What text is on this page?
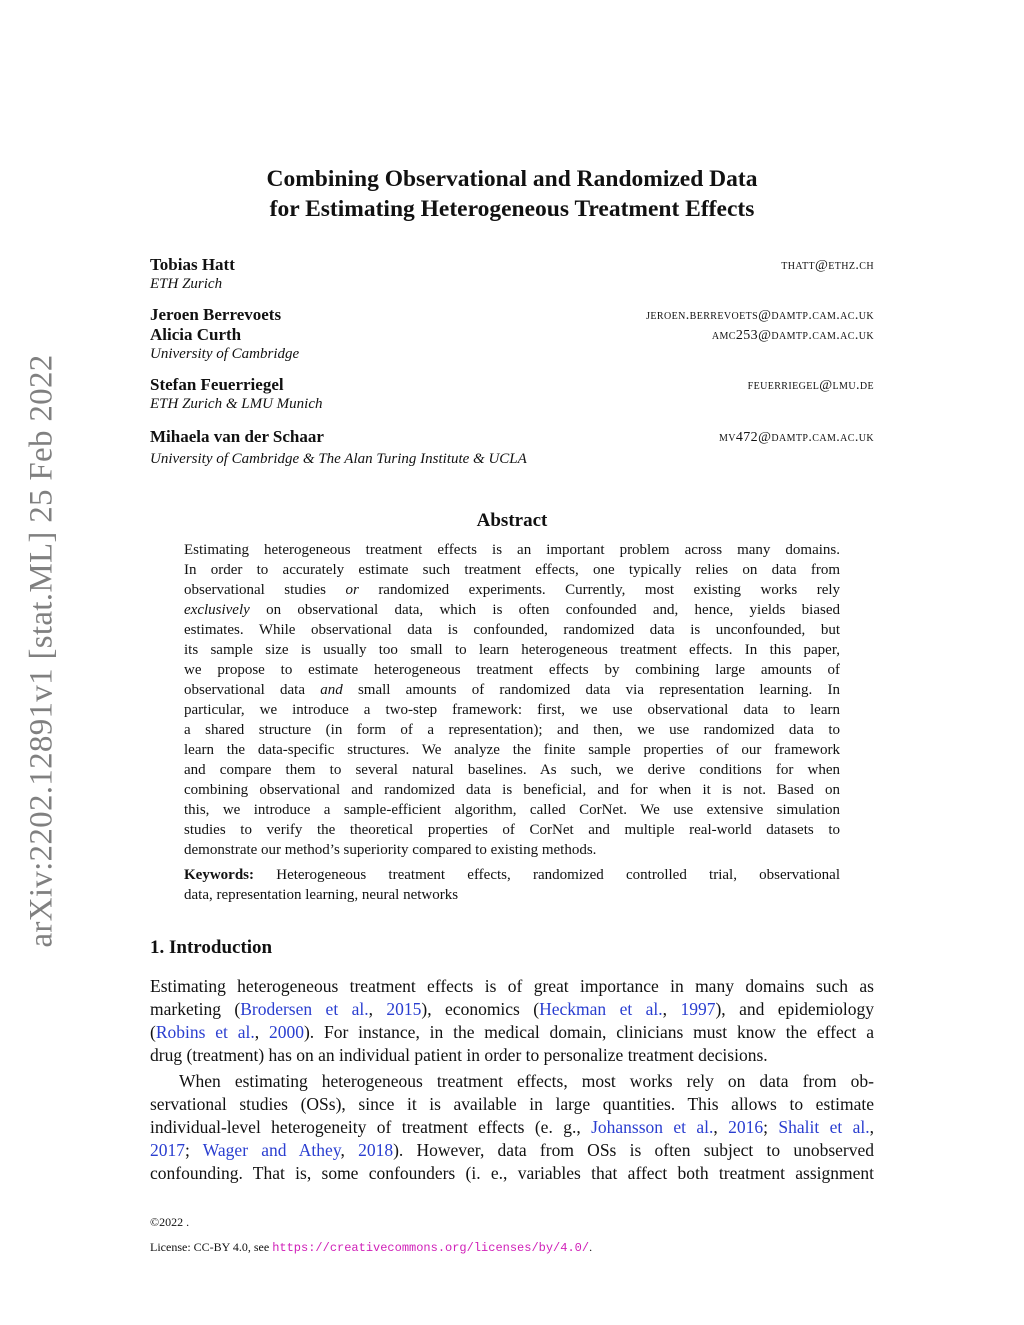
arXiv:2202.12891v1 [stat.ML] 25 Feb 2022
Combining Observational and Randomized Data
for Estimating Heterogeneous Treatment Effects
Tobias Hatt	thatt@ethz.ch
ETH Zurich
Jeroen Berrevoets	jeroen.berrevoets@damtp.cam.ac.uk
Alicia Curth	amc253@damtp.cam.ac.uk
University of Cambridge
Stefan Feuerriegel	feuerriegel@lmu.de
ETH Zurich & LMU Munich
Mihaela van der Schaar	mv472@damtp.cam.ac.uk
University of Cambridge & The Alan Turing Institute & UCLA
Abstract
Estimating heterogeneous treatment effects is an important problem across many domains.
In order to accurately estimate such treatment effects, one typically relies on data from
observational studies or randomized experiments. Currently, most existing works rely
exclusively on observational data, which is often confounded and, hence, yields biased
estimates. While observational data is confounded, randomized data is unconfounded, but
its sample size is usually too small to learn heterogeneous treatment effects. In this paper,
we propose to estimate heterogeneous treatment effects by combining large amounts of
observational data and small amounts of randomized data via representation learning. In
particular, we introduce a two-step framework: first, we use observational data to learn
a shared structure (in form of a representation); and then, we use randomized data to
learn the data-specific structures. We analyze the finite sample properties of our framework
and compare them to several natural baselines. As such, we derive conditions for when
combining observational and randomized data is beneficial, and for when it is not. Based on
this, we introduce a sample-efficient algorithm, called CorNet. We use extensive simulation
studies to verify the theoretical properties of CorNet and multiple real-world datasets to
demonstrate our method’s superiority compared to existing methods.
Keywords: Heterogeneous treatment effects, randomized controlled trial, observational
data, representation learning, neural networks
1. Introduction
Estimating heterogeneous treatment effects is of great importance in many domains such as
marketing (Brodersen et al., 2015), economics (Heckman et al., 1997), and epidemiology
(Robins et al., 2000). For instance, in the medical domain, clinicians must know the effect a
drug (treatment) has on an individual patient in order to personalize treatment decisions.
When estimating heterogeneous treatment effects, most works rely on data from ob-
servational studies (OSs), since it is available in large quantities. This allows to estimate
individual-level heterogeneity of treatment effects (e. g., Johansson et al., 2016; Shalit et al.,
2017; Wager and Athey, 2018). However, data from OSs is often subject to unobserved
confounding. That is, some confounders (i. e., variables that affect both treatment assignment
©2022 .
License: CC-BY 4.0, see https://creativecommons.org/licenses/by/4.0/.
